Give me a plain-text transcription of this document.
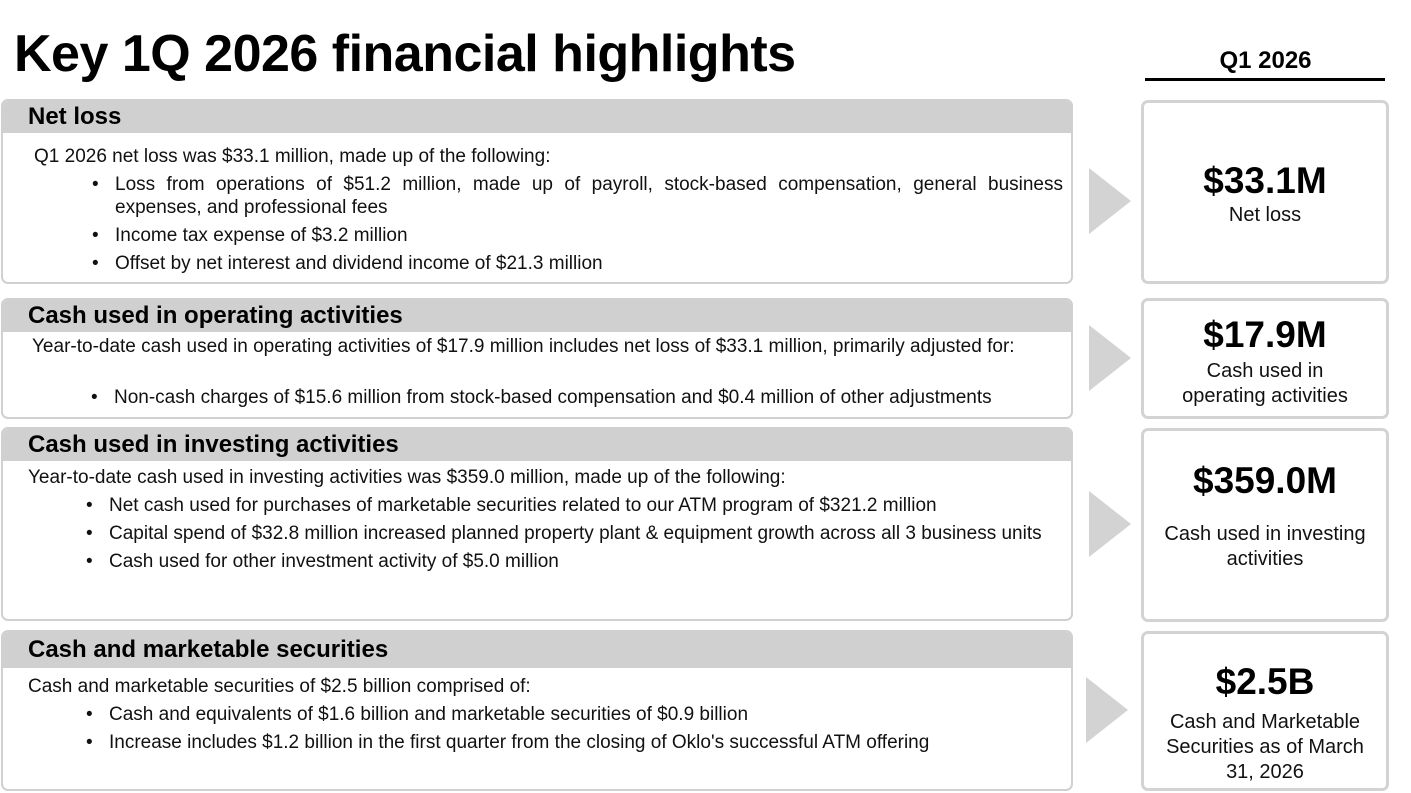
Key 1Q 2026 financial highlights	Q1 2026
Net loss
Q1 2026 net loss was $33.1 million, made up of the following:
• Loss from operations of $51.2 million, made up of payroll, stock-based compensation, general business expenses, and professional fees
• Income tax expense of $3.2 million
• Offset by net interest and dividend income of $21.3 million
Cash used in operating activities
Year-to-date cash used in operating activities of $17.9 million includes net loss of $33.1 million, primarily adjusted for:
• Non-cash charges of $15.6 million from stock-based compensation and $0.4 million of other adjustments
Cash used in investing activities
Year-to-date cash used in investing activities was $359.0 million, made up of the following:
• Net cash used for purchases of marketable securities related to our ATM program of $321.2 million
• Capital spend of $32.8 million increased planned property plant & equipment growth across all 3 business units
• Cash used for other investment activity of $5.0 million
Cash and marketable securities
Cash and marketable securities of $2.5 billion comprised of:
• Cash and equivalents of $1.6 billion and marketable securities of $0.9 billion
• Increase includes $1.2 billion in the first quarter from the closing of Oklo's successful ATM offering
$33.1M
Net loss
$17.9M
Cash used in operating activities
$359.0M
Cash used in investing activities
$2.5B
Cash and Marketable Securities as of March 31, 2026
